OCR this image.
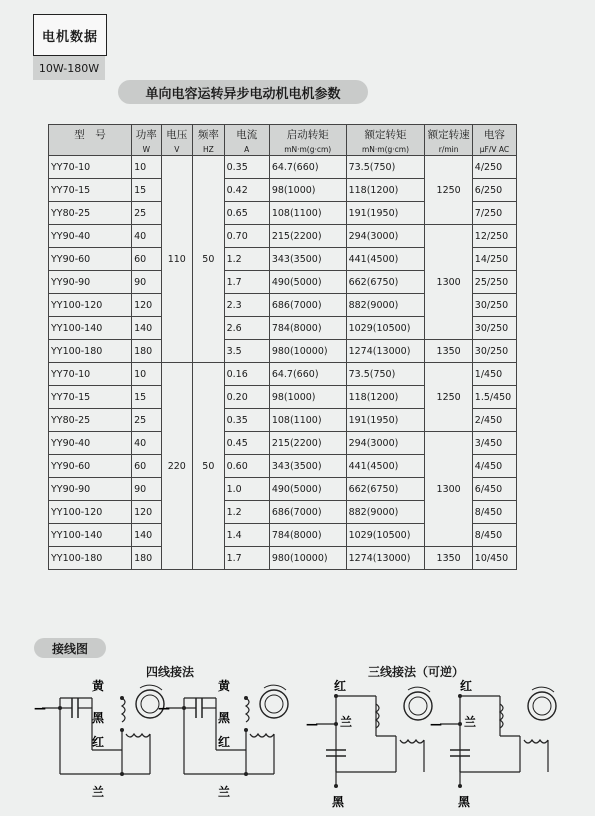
电机数据
10W-180W
单向电容运转异步电动机电机参数
型　号	功率	电压	频率	电流	启动转矩	额定转矩	额定转速	电容
	W	V	HZ	A	mN·m(g·cm)	mN·m(g·cm)	r/min	μF/V AC
YY70-10	10	110	50	0.35	64.7(660)	73.5(750)	1250	4/250
YY70-15	15			0.42	98(1000)	118(1200)		6/250
YY80-25	25			0.65	108(1100)	191(1950)		7/250
YY90-40	40			0.70	215(2200)	294(3000)	1300	12/250
YY90-60	60			1.2	343(3500)	441(4500)		14/250
YY90-90	90			1.7	490(5000)	662(6750)		25/250
YY100-120	120			2.3	686(7000)	882(9000)		30/250
YY100-140	140			2.6	784(8000)	1029(10500)		30/250
YY100-180	180			3.5	980(10000)	1274(13000)	1350	30/250
YY70-10	10	220	50	0.16	64.7(660)	73.5(750)	1250	1/450
YY70-15	15			0.20	98(1000)	118(1200)		1.5/450
YY80-25	25			0.35	108(1100)	191(1950)		2/450
YY90-40	40			0.45	215(2200)	294(3000)	1300	3/450
YY90-60	60			0.60	343(3500)	441(4500)		4/450
YY90-90	90			1.0	490(5000)	662(6750)		6/450
YY100-120	120			1.2	686(7000)	882(9000)		8/450
YY100-140	140			1.4	784(8000)	1029(10500)		8/450
YY100-180	180			1.7	980(10000)	1274(13000)	1350	10/450
接线图
四线接法	三线接法（可逆）
—
黄
黑
红
兰
—
黄
黑
红
兰
—
红
兰
黑
—
红
兰
黑
